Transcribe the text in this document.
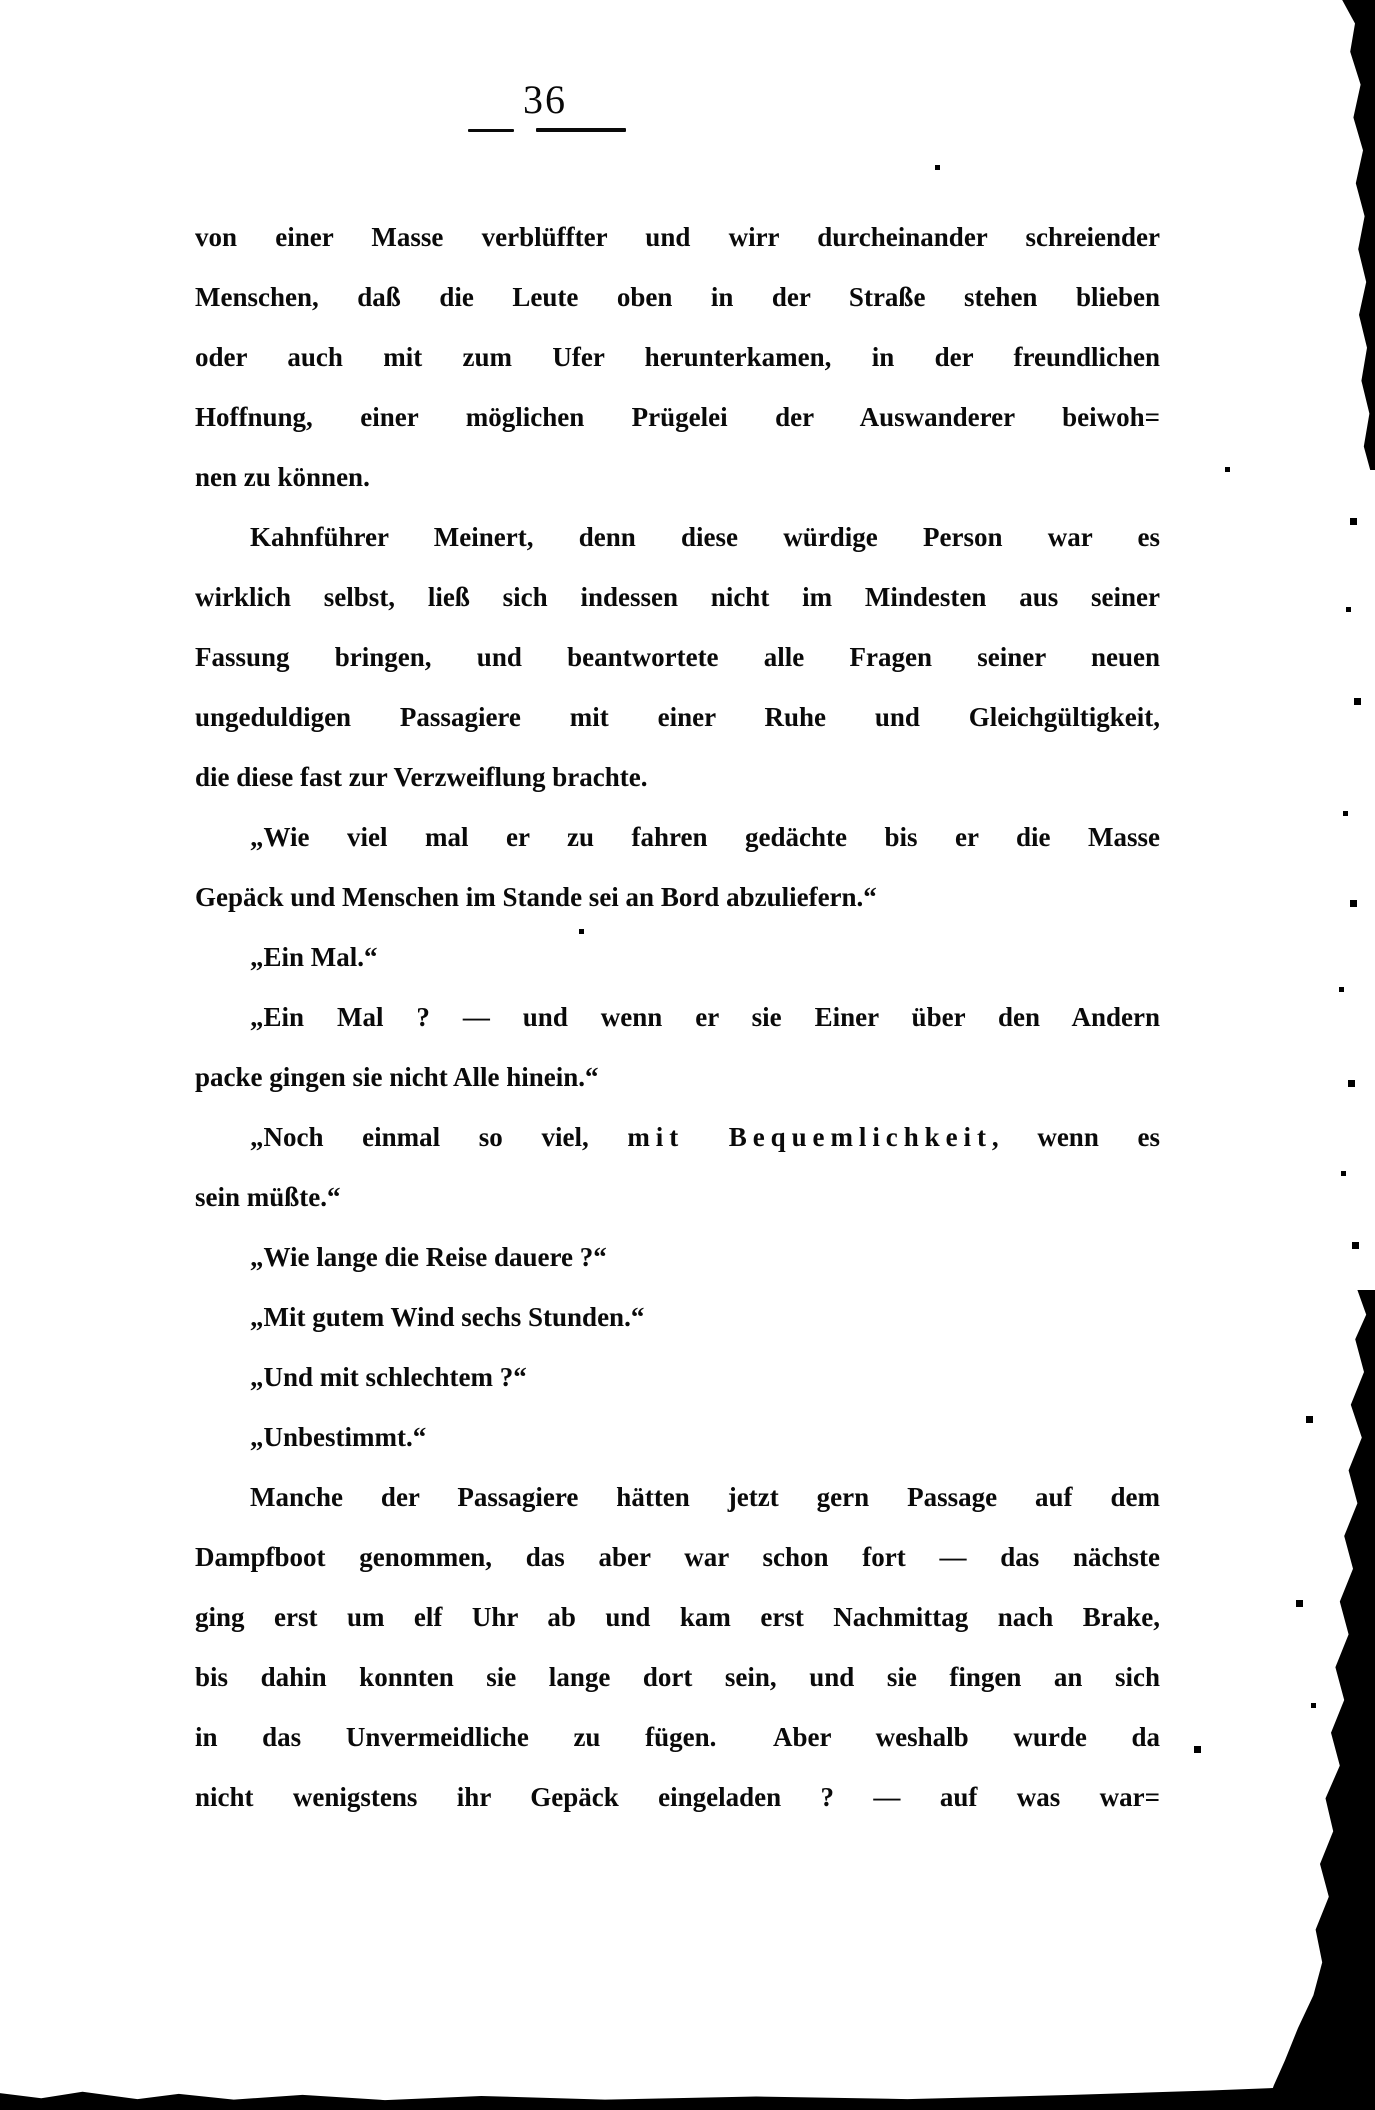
36
von einer Masse verblüffter und wirr durcheinander schreiender
Menschen, daß die Leute oben in der Straße stehen blieben
oder auch mit zum Ufer herunterkamen, in der freundlichen
Hoffnung, einer möglichen Prügelei der Auswanderer beiwoh=
nen zu können.
Kahnführer Meinert, denn diese würdige Person war es
wirklich selbst, ließ sich indessen nicht im Mindesten aus seiner
Fassung bringen, und beantwortete alle Fragen seiner neuen
ungeduldigen Passagiere mit einer Ruhe und Gleichgültigkeit,
die diese fast zur Verzweiflung brachte.
„Wie viel mal er zu fahren gedächte bis er die Masse
Gepäck und Menschen im Stande sei an Bord abzuliefern.“
„Ein Mal.“
„Ein Mal ? — und wenn er sie Einer über den Andern
packe gingen sie nicht Alle hinein.“
„Noch einmal so viel, mit Bequemlichkeit, wenn es
sein müßte.“
„Wie lange die Reise dauere ?“
„Mit gutem Wind sechs Stunden.“
„Und mit schlechtem ?“
„Unbestimmt.“
Manche der Passagiere hätten jetzt gern Passage auf dem
Dampfboot genommen, das aber war schon fort — das nächste
ging erst um elf Uhr ab und kam erst Nachmittag nach Brake,
bis dahin konnten sie lange dort sein, und sie fingen an sich
in das Unvermeidliche zu fügen.  Aber weshalb wurde da
nicht wenigstens ihr Gepäck eingeladen ? — auf was war=
